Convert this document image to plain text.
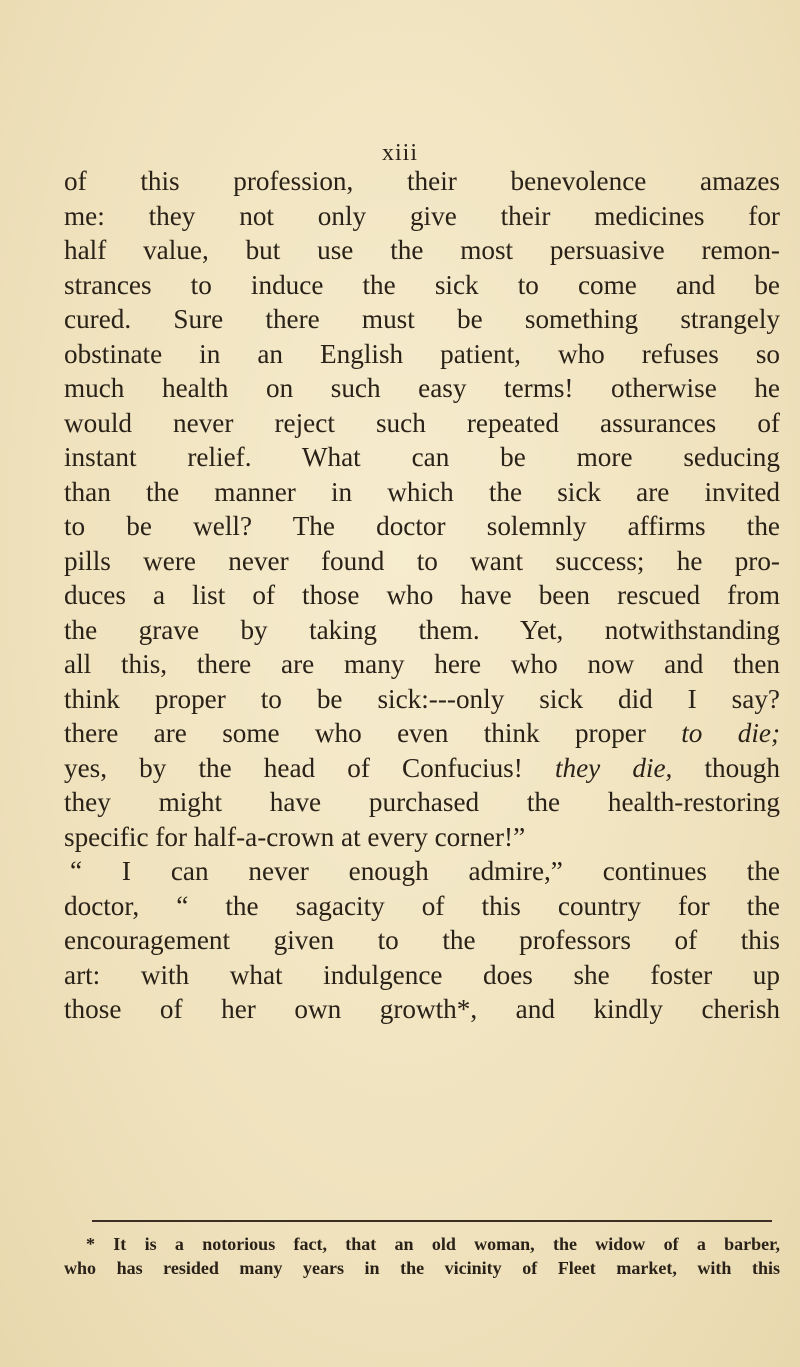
xiii
of this profession, their benevolence amazes
me: they not only give their medicines for
half value, but use the most persuasive remon-
strances to induce the sick to come and be
cured. Sure there must be something strangely
obstinate in an English patient, who refuses so
much health on such easy terms! otherwise he
would never reject such repeated assurances of
instant relief. What can be more seducing
than the manner in which the sick are invited
to be well? The doctor solemnly affirms the
pills were never found to want success; he pro-
duces a list of those who have been rescued from
the grave by taking them. Yet, notwithstanding
all this, there are many here who now and then
think proper to be sick:---only sick did I say?
there are some who even think proper to die;
yes, by the head of Confucius! they die, though
they might have purchased the health-restoring
specific for half-a-crown at every corner!”
“ I can never enough admire,” continues the
doctor, “ the sagacity of this country for the
encouragement given to the professors of this
art: with what indulgence does she foster up
those of her own growth*, and kindly cherish
* It is a notorious fact, that an old woman, the widow of a barber,
who has resided many years in the vicinity of Fleet market, with this
